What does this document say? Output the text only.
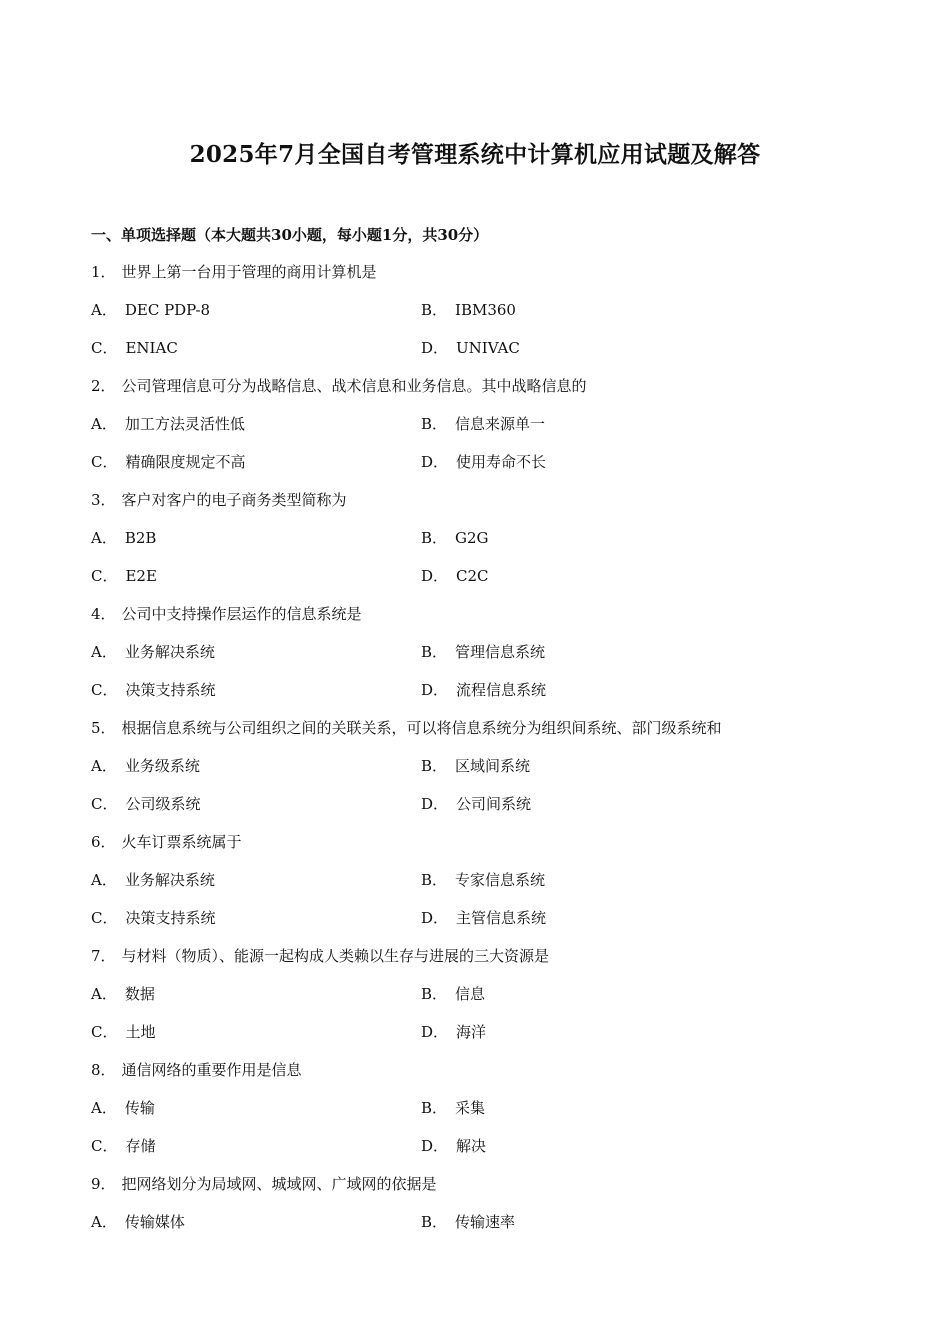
2025年7月全国自考管理系统中计算机应用试题及解答
一、单项选择题（本大题共30小题，每小题1分，共30分）
1． 世界上第一台用于管理的商用计算机是
A． DEC PDP-8	B． IBM360
C． ENIAC	D． UNIVAC
2． 公司管理信息可分为战略信息、战术信息和业务信息。其中战略信息的
A． 加工方法灵活性低	B． 信息来源单一
C． 精确限度规定不高	D． 使用寿命不长
3． 客户对客户的电子商务类型简称为
A． B2B	B． G2G
C． E2E	D． C2C
4． 公司中支持操作层运作的信息系统是
A． 业务解决系统	B． 管理信息系统
C． 决策支持系统	D． 流程信息系统
5． 根据信息系统与公司组织之间的关联关系，可以将信息系统分为组织间系统、部门级系统和
A． 业务级系统	B． 区域间系统
C． 公司级系统	D． 公司间系统
6． 火车订票系统属于
A． 业务解决系统	B． 专家信息系统
C． 决策支持系统	D． 主管信息系统
7． 与材料（物质）、能源一起构成人类赖以生存与进展的三大资源是
A． 数据	B． 信息
C． 土地	D． 海洋
8． 通信网络的重要作用是信息
A． 传输	B． 采集
C． 存储	D． 解决
9． 把网络划分为局域网、城域网、广域网的依据是
A． 传输媒体	B． 传输速率
